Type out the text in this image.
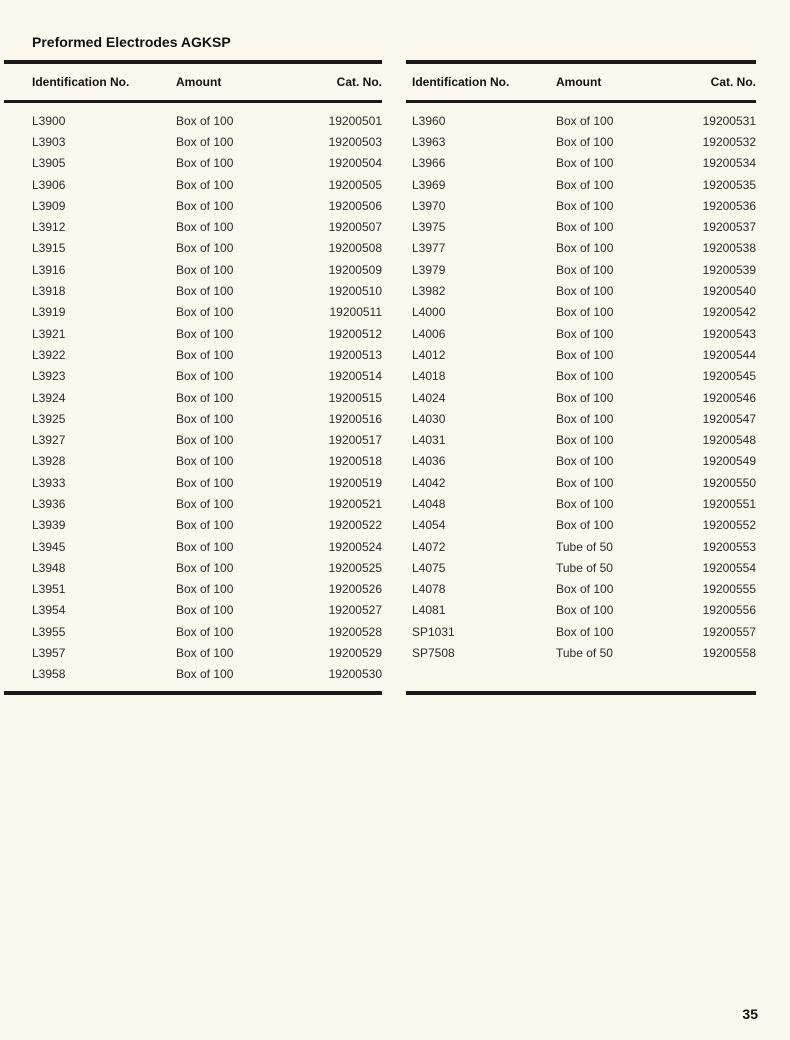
Preformed Electrodes AGKSP
Identification No.	Amount	Cat. No.
L3900	Box of 100	19200501
L3903	Box of 100	19200503
L3905	Box of 100	19200504
L3906	Box of 100	19200505
L3909	Box of 100	19200506
L3912	Box of 100	19200507
L3915	Box of 100	19200508
L3916	Box of 100	19200509
L3918	Box of 100	19200510
L3919	Box of 100	19200511
L3921	Box of 100	19200512
L3922	Box of 100	19200513
L3923	Box of 100	19200514
L3924	Box of 100	19200515
L3925	Box of 100	19200516
L3927	Box of 100	19200517
L3928	Box of 100	19200518
L3933	Box of 100	19200519
L3936	Box of 100	19200521
L3939	Box of 100	19200522
L3945	Box of 100	19200524
L3948	Box of 100	19200525
L3951	Box of 100	19200526
L3954	Box of 100	19200527
L3955	Box of 100	19200528
L3957	Box of 100	19200529
L3958	Box of 100	19200530
Identification No.	Amount	Cat. No.
L3960	Box of 100	19200531
L3963	Box of 100	19200532
L3966	Box of 100	19200534
L3969	Box of 100	19200535
L3970	Box of 100	19200536
L3975	Box of 100	19200537
L3977	Box of 100	19200538
L3979	Box of 100	19200539
L3982	Box of 100	19200540
L4000	Box of 100	19200542
L4006	Box of 100	19200543
L4012	Box of 100	19200544
L4018	Box of 100	19200545
L4024	Box of 100	19200546
L4030	Box of 100	19200547
L4031	Box of 100	19200548
L4036	Box of 100	19200549
L4042	Box of 100	19200550
L4048	Box of 100	19200551
L4054	Box of 100	19200552
L4072	Tube of 50	19200553
L4075	Tube of 50	19200554
L4078	Box of 100	19200555
L4081	Box of 100	19200556
SP1031	Box of 100	19200557
SP7508	Tube of 50	19200558
35
